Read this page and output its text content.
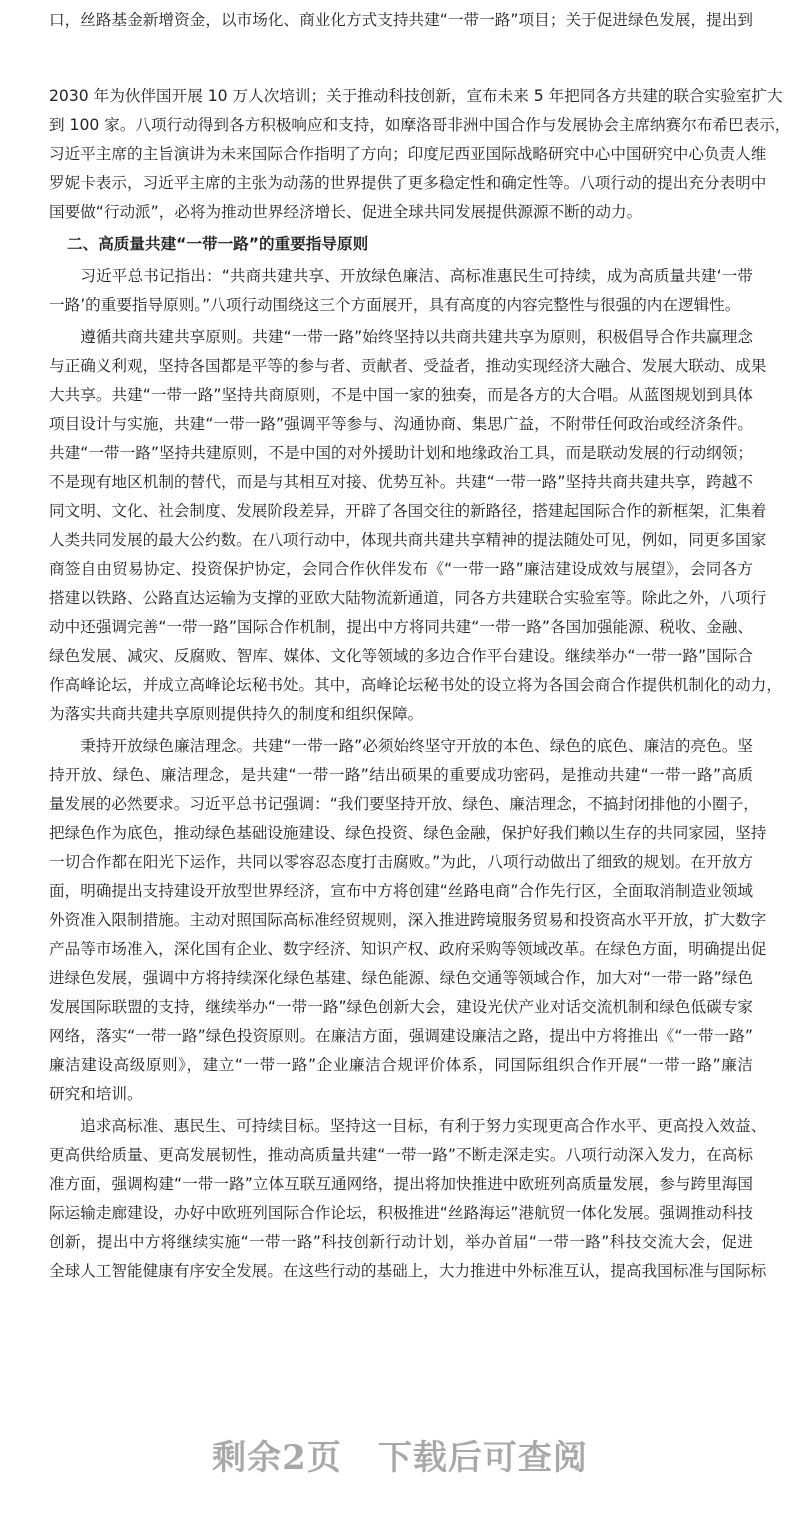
口，丝路基金新增资金，以市场化、商业化方式支持共建“一带一路”项目；关于促进绿色发展，提出到
2030 年为伙伴国开展 10 万人次培训；关于推动科技创新，宣布未来 5 年把同各方共建的联合实验室扩大
到 100 家。八项行动得到各方积极响应和支持，如摩洛哥非洲中国合作与发展协会主席纳赛尔布希巴表示，
习近平主席的主旨演讲为未来国际合作指明了方向；印度尼西亚国际战略研究中心中国研究中心负责人维
罗妮卡表示，习近平主席的主张为动荡的世界提供了更多稳定性和确定性等。八项行动的提出充分表明中
国要做“行动派”，必将为推动世界经济增长、促进全球共同发展提供源源不断的动力。
二、高质量共建“一带一路”的重要指导原则
　　习近平总书记指出：“共商共建共享、开放绿色廉洁、高标准惠民生可持续，成为高质量共建‘一带
一路’的重要指导原则。”八项行动围绕这三个方面展开，具有高度的内容完整性与很强的内在逻辑性。
　　遵循共商共建共享原则。共建“一带一路”始终坚持以共商共建共享为原则，积极倡导合作共赢理念
与正确义利观，坚持各国都是平等的参与者、贡献者、受益者，推动实现经济大融合、发展大联动、成果
大共享。共建“一带一路”坚持共商原则，不是中国一家的独奏，而是各方的大合唱。从蓝图规划到具体
项目设计与实施，共建“一带一路”强调平等参与、沟通协商、集思广益，不附带任何政治或经济条件。
共建“一带一路”坚持共建原则，不是中国的对外援助计划和地缘政治工具，而是联动发展的行动纲领；
不是现有地区机制的替代，而是与其相互对接、优势互补。共建“一带一路”坚持共商共建共享，跨越不
同文明、文化、社会制度、发展阶段差异，开辟了各国交往的新路径，搭建起国际合作的新框架，汇集着
人类共同发展的最大公约数。在八项行动中，体现共商共建共享精神的提法随处可见，例如，同更多国家
商签自由贸易协定、投资保护协定，会同合作伙伴发布《“一带一路”廉洁建设成效与展望》，会同各方
搭建以铁路、公路直达运输为支撑的亚欧大陆物流新通道，同各方共建联合实验室等。除此之外，八项行
动中还强调完善“一带一路”国际合作机制，提出中方将同共建“一带一路”各国加强能源、税收、金融、
绿色发展、减灾、反腐败、智库、媒体、文化等领域的多边合作平台建设。继续举办“一带一路”国际合
作高峰论坛，并成立高峰论坛秘书处。其中，高峰论坛秘书处的设立将为各国会商合作提供机制化的动力，
为落实共商共建共享原则提供持久的制度和组织保障。
　　秉持开放绿色廉洁理念。共建“一带一路”必须始终坚守开放的本色、绿色的底色、廉洁的亮色。坚
持开放、绿色、廉洁理念，是共建“一带一路”结出硕果的重要成功密码，是推动共建“一带一路”高质
量发展的必然要求。习近平总书记强调：“我们要坚持开放、绿色、廉洁理念，不搞封闭排他的小圈子，
把绿色作为底色，推动绿色基础设施建设、绿色投资、绿色金融，保护好我们赖以生存的共同家园，坚持
一切合作都在阳光下运作，共同以零容忍态度打击腐败。”为此，八项行动做出了细致的规划。在开放方
面，明确提出支持建设开放型世界经济，宣布中方将创建“丝路电商”合作先行区，全面取消制造业领域
外资准入限制措施。主动对照国际高标准经贸规则，深入推进跨境服务贸易和投资高水平开放，扩大数字
产品等市场准入，深化国有企业、数字经济、知识产权、政府采购等领域改革。在绿色方面，明确提出促
进绿色发展，强调中方将持续深化绿色基建、绿色能源、绿色交通等领域合作，加大对“一带一路”绿色
发展国际联盟的支持，继续举办“一带一路”绿色创新大会，建设光伏产业对话交流机制和绿色低碳专家
网络，落实“一带一路”绿色投资原则。在廉洁方面，强调建设廉洁之路，提出中方将推出《“一带一路”
廉洁建设高级原则》，建立“一带一路”企业廉洁合规评价体系，同国际组织合作开展“一带一路”廉洁
研究和培训。
　　追求高标准、惠民生、可持续目标。坚持这一目标，有利于努力实现更高合作水平、更高投入效益、
更高供给质量、更高发展韧性，推动高质量共建“一带一路”不断走深走实。八项行动深入发力，在高标
准方面，强调构建“一带一路”立体互联互通网络，提出将加快推进中欧班列高质量发展，参与跨里海国
际运输走廊建设，办好中欧班列国际合作论坛，积极推进“丝路海运”港航贸一体化发展。强调推动科技
创新，提出中方将继续实施“一带一路”科技创新行动计划，举办首届“一带一路”科技交流大会，促进
全球人工智能健康有序安全发展。在这些行动的基础上，大力推进中外标准互认，提高我国标准与国际标
剩余2页 下载后可查阅
